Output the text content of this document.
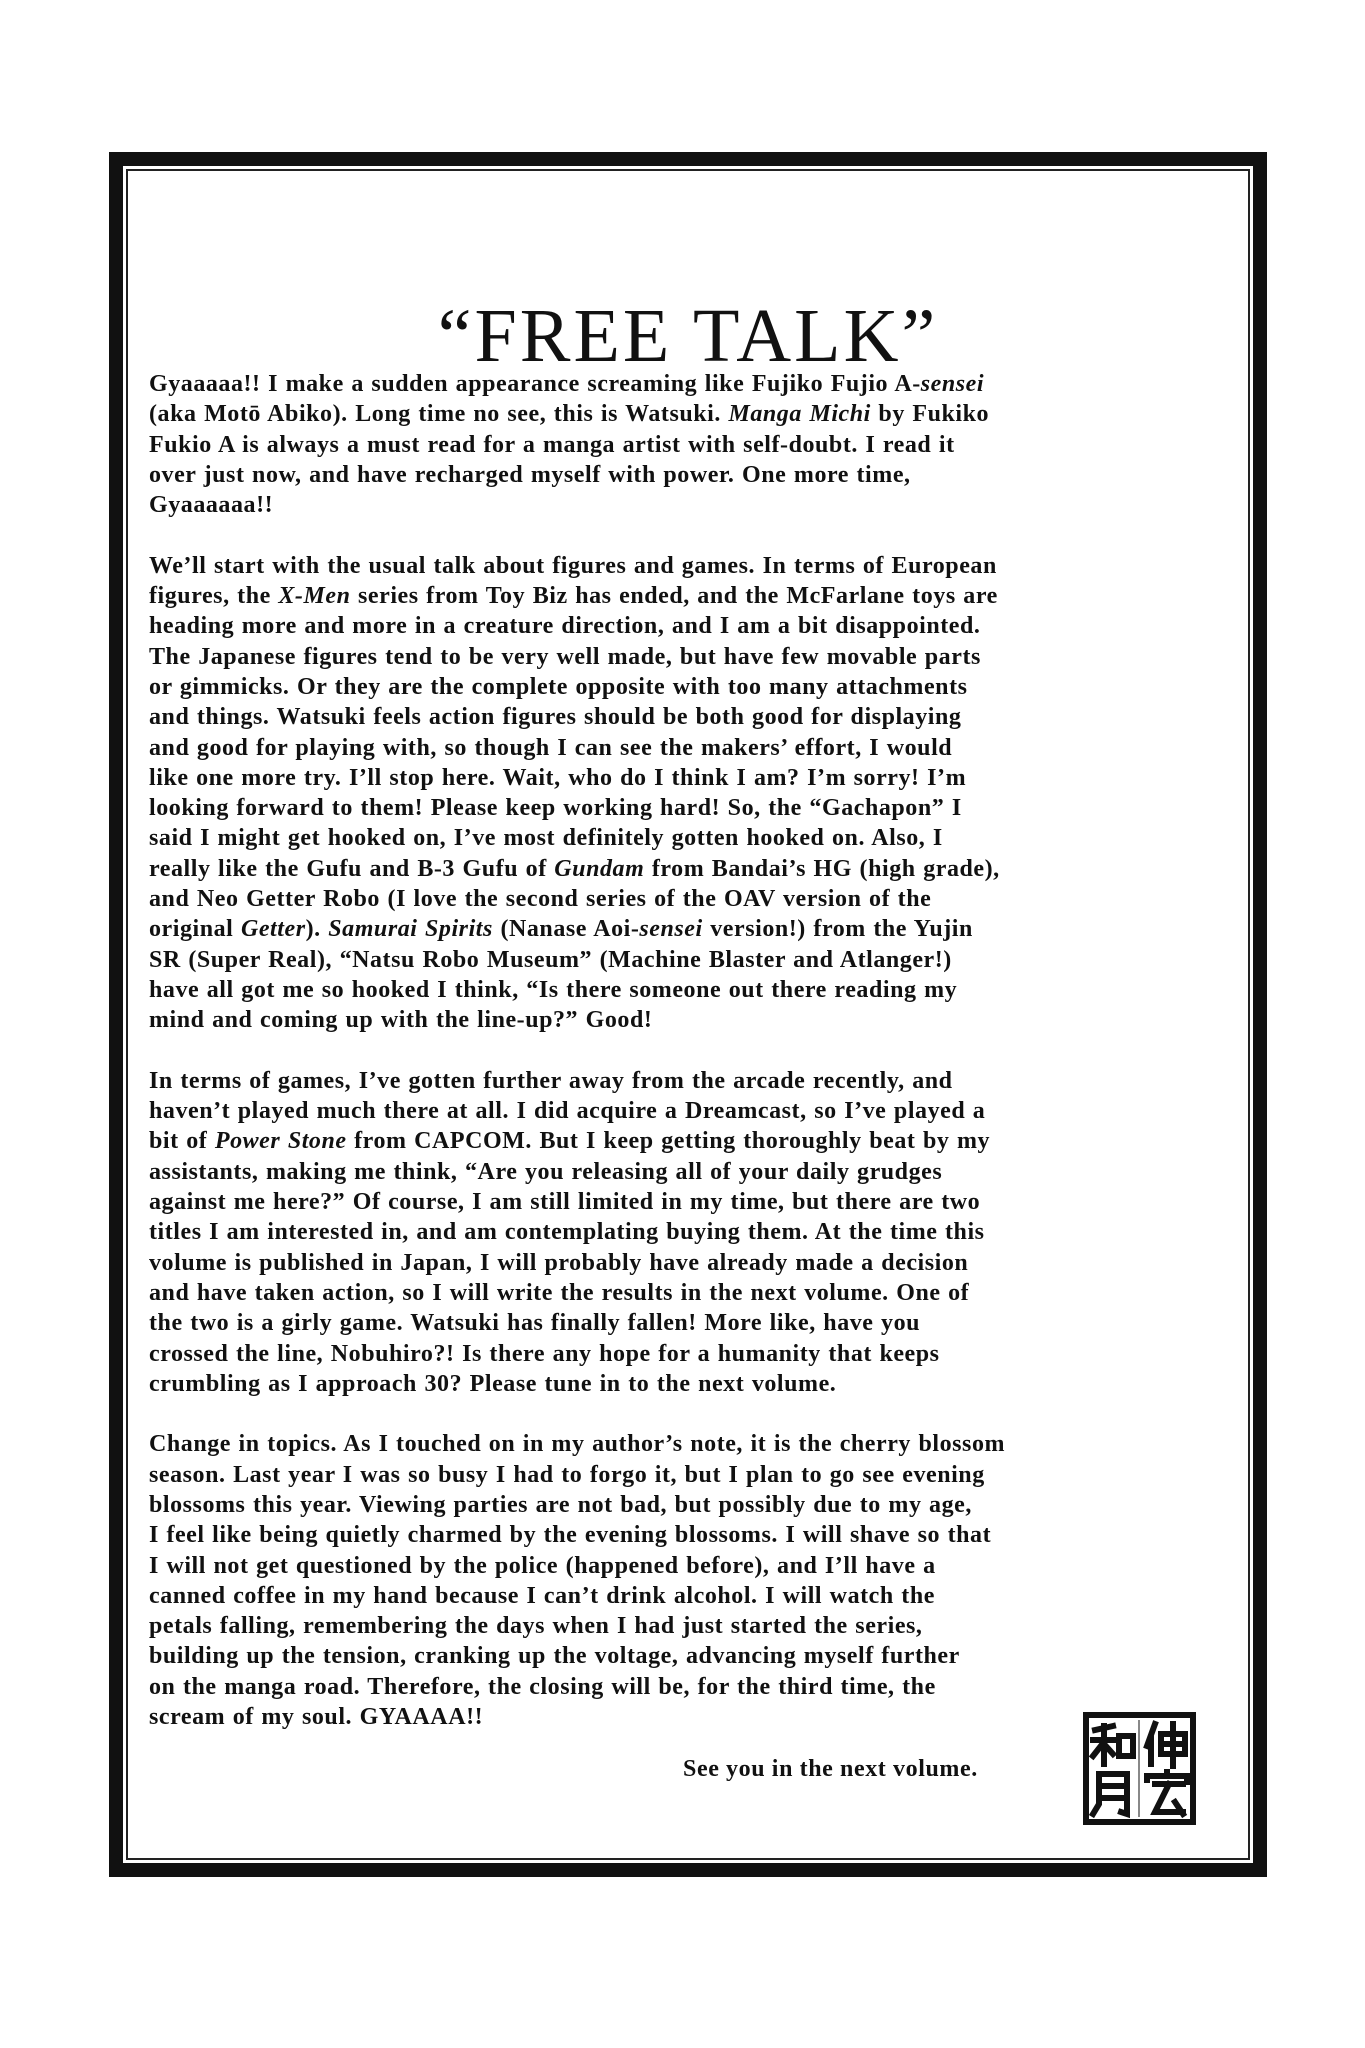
“FREE TALK”
Gyaaaaa!! I make a sudden appearance screaming like Fujiko Fujio A-sensei
(aka Motō Abiko). Long time no see, this is Watsuki. Manga Michi by Fukiko
Fukio A is always a must read for a manga artist with self-doubt. I read it
over just now, and have recharged myself with power. One more time,
Gyaaaaaa!!
We’ll start with the usual talk about figures and games. In terms of European
figures, the X-Men series from Toy Biz has ended, and the McFarlane toys are
heading more and more in a creature direction, and I am a bit disappointed.
The Japanese figures tend to be very well made, but have few movable parts
or gimmicks. Or they are the complete opposite with too many attachments
and things. Watsuki feels action figures should be both good for displaying
and good for playing with, so though I can see the makers’ effort, I would
like one more try. I’ll stop here. Wait, who do I think I am? I’m sorry! I’m
looking forward to them! Please keep working hard! So, the “Gachapon” I
said I might get hooked on, I’ve most definitely gotten hooked on. Also, I
really like the Gufu and B-3 Gufu of Gundam from Bandai’s HG (high grade),
and Neo Getter Robo (I love the second series of the OAV version of the
original Getter). Samurai Spirits (Nanase Aoi-sensei version!) from the Yujin
SR (Super Real), “Natsu Robo Museum” (Machine Blaster and Atlanger!)
have all got me so hooked I think, “Is there someone out there reading my
mind and coming up with the line-up?” Good!
In terms of games, I’ve gotten further away from the arcade recently, and
haven’t played much there at all. I did acquire a Dreamcast, so I’ve played a
bit of Power Stone from CAPCOM. But I keep getting thoroughly beat by my
assistants, making me think, “Are you releasing all of your daily grudges
against me here?” Of course, I am still limited in my time, but there are two
titles I am interested in, and am contemplating buying them. At the time this
volume is published in Japan, I will probably have already made a decision
and have taken action, so I will write the results in the next volume. One of
the two is a girly game. Watsuki has finally fallen! More like, have you
crossed the line, Nobuhiro?! Is there any hope for a humanity that keeps
crumbling as I approach 30? Please tune in to the next volume.
Change in topics. As I touched on in my author’s note, it is the cherry blossom
season. Last year I was so busy I had to forgo it, but I plan to go see evening
blossoms this year. Viewing parties are not bad, but possibly due to my age,
I feel like being quietly charmed by the evening blossoms. I will shave so that
I will not get questioned by the police (happened before), and I’ll have a
canned coffee in my hand because I can’t drink alcohol. I will watch the
petals falling, remembering the days when I had just started the series,
building up the tension, cranking up the voltage, advancing myself further
on the manga road. Therefore, the closing will be, for the third time, the
scream of my soul. GYAAAA!!
See you in the next volume.
